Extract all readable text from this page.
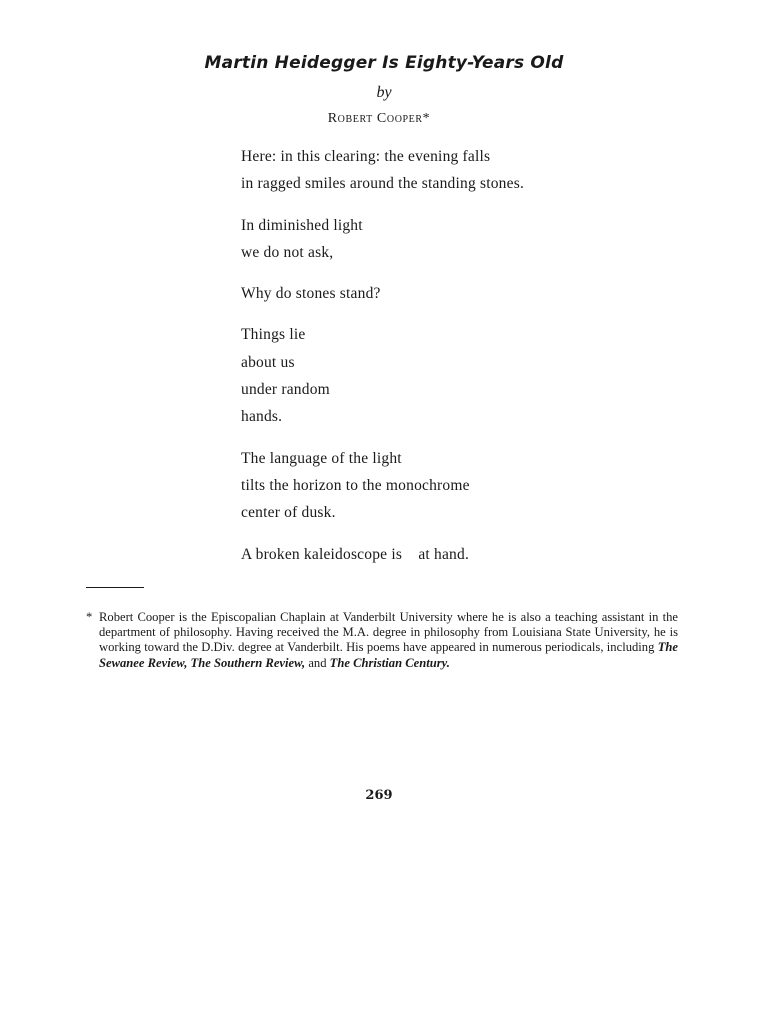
Martin Heidegger Is Eighty-Years Old
by
Robert Cooper*
Here: in this clearing: the evening falls
in ragged smiles around the standing stones.
In diminished light
we do not ask,
Why do stones stand?
Things lie
about us
under random
hands.
The language of the light
tilts the horizon to the monochrome
center of dusk.
A broken kaleidoscope is    at hand.
* Robert Cooper is the Episcopalian Chaplain at Vanderbilt University where he is also a teaching assistant in the department of philosophy. Having received the M.A. degree in philosophy from Louisiana State University, he is working toward the D.Div. degree at Vanderbilt. His poems have appeared in numerous periodicals, including The Sewanee Review, The Southern Review, and The Christian Century.
269
